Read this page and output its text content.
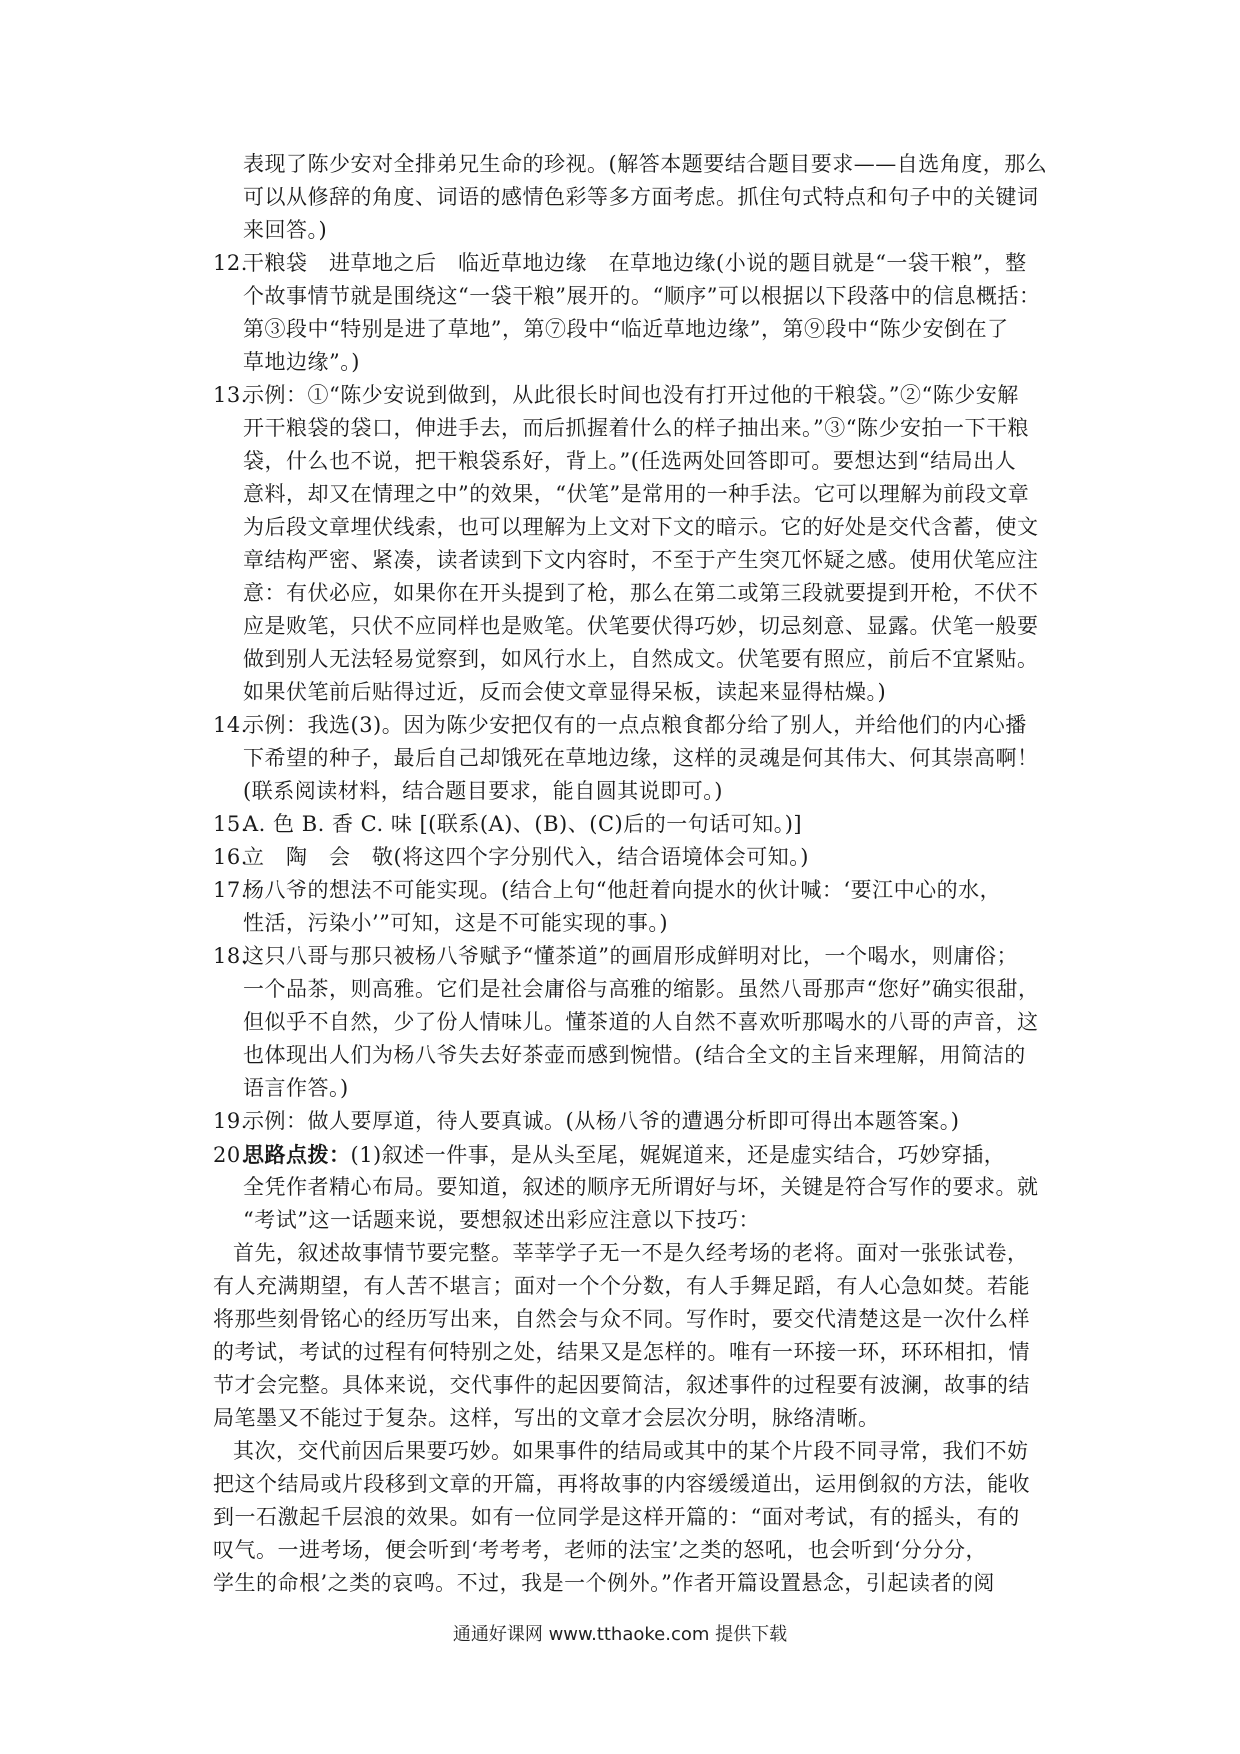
表现了陈少安对全排弟兄生命的珍视。(解答本题要结合题目要求——自选角度，那么
可以从修辞的角度、词语的感情色彩等多方面考虑。抓住句式特点和句子中的关键词
来回答。)
12.干粮袋　进草地之后　临近草地边缘　在草地边缘(小说的题目就是“一袋干粮”，整
个故事情节就是围绕这“一袋干粮”展开的。“顺序”可以根据以下段落中的信息概括：
第③段中“特别是进了草地”，第⑦段中“临近草地边缘”，第⑨段中“陈少安倒在了
草地边缘”。)
13.示例：①“陈少安说到做到，从此很长时间也没有打开过他的干粮袋。”②“陈少安解
开干粮袋的袋口，伸进手去，而后抓握着什么的样子抽出来。”③“陈少安拍一下干粮
袋，什么也不说，把干粮袋系好，背上。”(任选两处回答即可。要想达到“结局出人
意料，却又在情理之中”的效果，“伏笔”是常用的一种手法。它可以理解为前段文章
为后段文章埋伏线索，也可以理解为上文对下文的暗示。它的好处是交代含蓄，使文
章结构严密、紧凑，读者读到下文内容时，不至于产生突兀怀疑之感。使用伏笔应注
意：有伏必应，如果你在开头提到了枪，那么在第二或第三段就要提到开枪，不伏不
应是败笔，只伏不应同样也是败笔。伏笔要伏得巧妙，切忌刻意、显露。伏笔一般要
做到别人无法轻易觉察到，如风行水上，自然成文。伏笔要有照应，前后不宜紧贴。
如果伏笔前后贴得过近，反而会使文章显得呆板，读起来显得枯燥。)
14.示例：我选(3)。因为陈少安把仅有的一点点粮食都分给了别人，并给他们的内心播
下希望的种子，最后自己却饿死在草地边缘，这样的灵魂是何其伟大、何其崇高啊！
(联系阅读材料，结合题目要求，能自圆其说即可。)
15.A. 色 B. 香 C. 味 [(联系(A)、(B)、(C)后的一句话可知。)]
16.立　陶　会　敬(将这四个字分别代入，结合语境体会可知。)
17.杨八爷的想法不可能实现。(结合上句“他赶着向提水的伙计喊：‘要江中心的水，
性活，污染小’”可知，这是不可能实现的事。)
18.这只八哥与那只被杨八爷赋予“懂茶道”的画眉形成鲜明对比，一个喝水，则庸俗；
一个品茶，则高雅。它们是社会庸俗与高雅的缩影。虽然八哥那声“您好”确实很甜，
但似乎不自然，少了份人情味儿。懂茶道的人自然不喜欢听那喝水的八哥的声音，这
也体现出人们为杨八爷失去好茶壶而感到惋惜。(结合全文的主旨来理解，用简洁的
语言作答。)
19.示例：做人要厚道，待人要真诚。(从杨八爷的遭遇分析即可得出本题答案。)
20.思路点拨：(1)叙述一件事，是从头至尾，娓娓道来，还是虚实结合，巧妙穿插，
全凭作者精心布局。要知道，叙述的顺序无所谓好与坏，关键是符合写作的要求。就
“考试”这一话题来说，要想叙述出彩应注意以下技巧：
首先，叙述故事情节要完整。莘莘学子无一不是久经考场的老将。面对一张张试卷，
有人充满期望，有人苦不堪言；面对一个个分数，有人手舞足蹈，有人心急如焚。若能
将那些刻骨铭心的经历写出来，自然会与众不同。写作时，要交代清楚这是一次什么样
的考试，考试的过程有何特别之处，结果又是怎样的。唯有一环接一环，环环相扣，情
节才会完整。具体来说，交代事件的起因要简洁，叙述事件的过程要有波澜，故事的结
局笔墨又不能过于复杂。这样，写出的文章才会层次分明，脉络清晰。
其次，交代前因后果要巧妙。如果事件的结局或其中的某个片段不同寻常，我们不妨
把这个结局或片段移到文章的开篇，再将故事的内容缓缓道出，运用倒叙的方法，能收
到一石激起千层浪的效果。如有一位同学是这样开篇的：“面对考试，有的摇头，有的
叹气。一进考场，便会听到‘考考考，老师的法宝’之类的怒吼，也会听到‘分分分，
学生的命根’之类的哀鸣。不过，我是一个例外。”作者开篇设置悬念，引起读者的阅
通通好课网 www.tthaoke.com 提供下载
